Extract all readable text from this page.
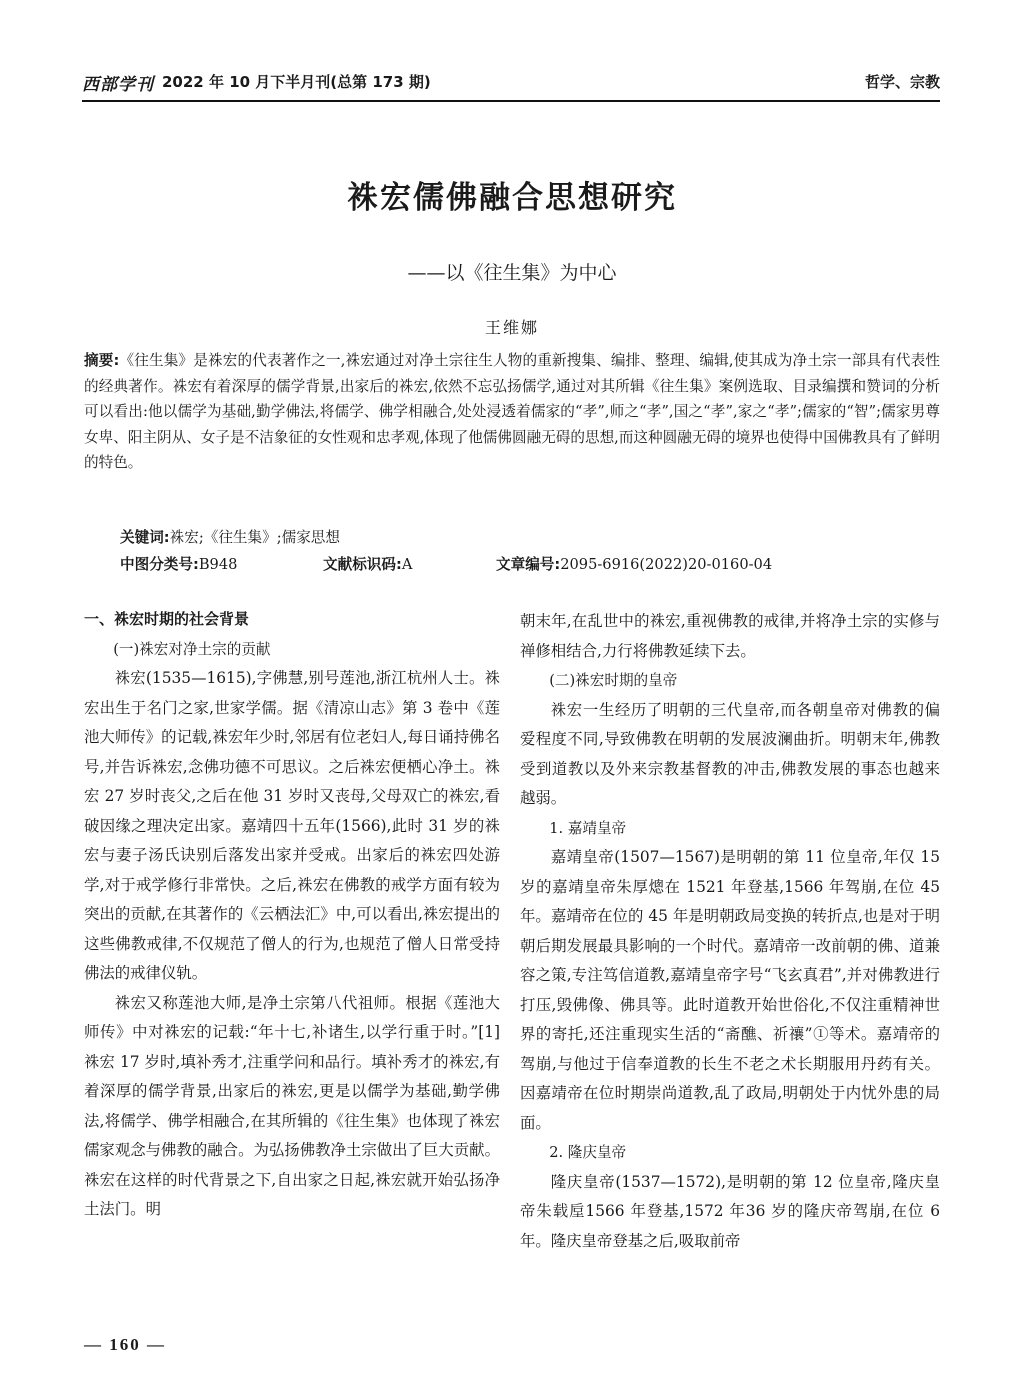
西部学刊 2022 年 10 月下半月刊(总第 173 期)	哲学、宗教
袾宏儒佛融合思想研究
——以《往生集》为中心
王维娜
摘要:《往生集》是袾宏的代表著作之一,袾宏通过对净土宗往生人物的重新搜集、编排、整理、编辑,使其成为净土宗一部具有代表性的经典著作。袾宏有着深厚的儒学背景,出家后的袾宏,依然不忘弘扬儒学,通过对其所辑《往生集》案例选取、目录编撰和赞词的分析可以看出:他以儒学为基础,勤学佛法,将儒学、佛学相融合,处处浸透着儒家的“孝”,师之“孝”,国之“孝”,家之“孝”;儒家的“智”;儒家男尊女卑、阳主阴从、女子是不洁象征的女性观和忠孝观,体现了他儒佛圆融无碍的思想,而这种圆融无碍的境界也使得中国佛教具有了鲜明的特色。
关键词:袾宏;《往生集》;儒家思想
中图分类号:B948	文献标识码:A	文章编号:2095-6916(2022)20-0160-04
一、袾宏时期的社会背景
(一)袾宏对净土宗的贡献

袾宏(1535—1615),字佛慧,别号莲池,浙江杭州人士。袾宏出生于名门之家,世家学儒。据《清凉山志》第 3 卷中《莲池大师传》的记载,袾宏年少时,邻居有位老妇人,每日诵持佛名号,并告诉袾宏,念佛功德不可思议。之后袾宏便栖心净土。袾宏 27 岁时丧父,之后在他 31 岁时又丧母,父母双亡的袾宏,看破因缘之理决定出家。嘉靖四十五年(1566),此时 31 岁的袾宏与妻子汤氏诀别后落发出家并受戒。出家后的袾宏四处游学,对于戒学修行非常快。之后,袾宏在佛教的戒学方面有较为突出的贡献,在其著作的《云栖法汇》中,可以看出,袾宏提出的这些佛教戒律,不仅规范了僧人的行为,也规范了僧人日常受持佛法的戒律仪轨。

袾宏又称莲池大师,是净土宗第八代祖师。根据《莲池大师传》中对袾宏的记载:“年十七,补诸生,以学行重于时。”[1] 袾宏 17 岁时,填补秀才,注重学问和品行。填补秀才的袾宏,有着深厚的儒学背景,出家后的袾宏,更是以儒学为基础,勤学佛法,将儒学、佛学相融合,在其所辑的《往生集》也体现了袾宏儒家观念与佛教的融合。为弘扬佛教净土宗做出了巨大贡献。袾宏在这样的时代背景之下,自出家之日起,袾宏就开始弘扬净土法门。明

朝末年,在乱世中的袾宏,重视佛教的戒律,并将净土宗的实修与禅修相结合,力行将佛教延续下去。

(二)袾宏时期的皇帝

袾宏一生经历了明朝的三代皇帝,而各朝皇帝对佛教的偏爱程度不同,导致佛教在明朝的发展波澜曲折。明朝末年,佛教受到道教以及外来宗教基督教的冲击,佛教发展的事态也越来越弱。

1. 嘉靖皇帝

嘉靖皇帝(1507—1567)是明朝的第 11 位皇帝,年仅 15 岁的嘉靖皇帝朱厚熜在 1521 年登基,1566 年驾崩,在位 45 年。嘉靖帝在位的 45 年是明朝政局变换的转折点,也是对于明朝后期发展最具影响的一个时代。嘉靖帝一改前朝的佛、道兼容之策,专注笃信道教,嘉靖皇帝字号“飞玄真君”,并对佛教进行打压,毁佛像、佛具等。此时道教开始世俗化,不仅注重精神世界的寄托,还注重现实生活的“斋醮、祈禳”①等术。嘉靖帝的驾崩,与他过于信奉道教的长生不老之术长期服用丹药有关。因嘉靖帝在位时期崇尚道教,乱了政局,明朝处于内忧外患的局面。

2. 隆庆皇帝

隆庆皇帝(1537—1572),是明朝的第 12 位皇帝,隆庆皇帝朱载垕1566 年登基,1572 年36 岁的隆庆帝驾崩,在位 6 年。隆庆皇帝登基之后,吸取前帝

— 160 —
